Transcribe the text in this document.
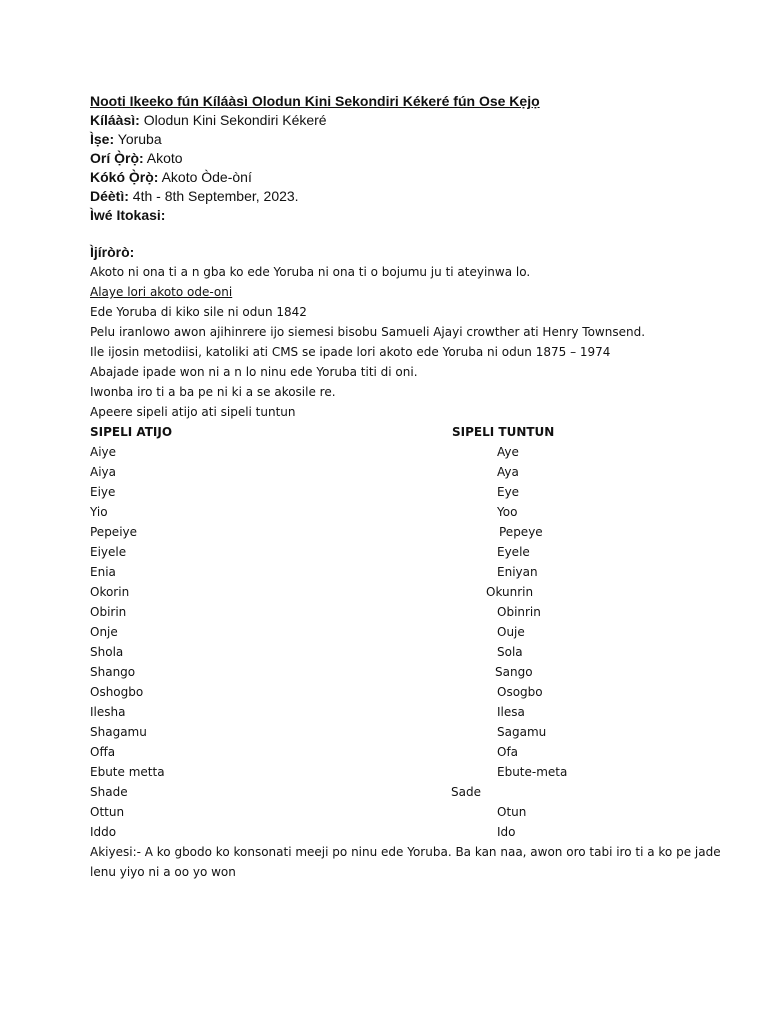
Nooti Ikeeko fún Kíláàsì Olodun Kini Sekondiri Kékeré fún Ose Kẹjọ
Kíláàsì: Olodun Kini Sekondiri Kékeré
Ìṣe: Yoruba
Orí Ọ̀rọ̀: Akoto
Kókó Ọ̀rọ̀: Akoto Òde-òní
Déètì: 4th - 8th September, 2023.
Ìwé Itokasi:
Ìjíròrò:
Akoto ni ona ti a n gba ko ede Yoruba ni ona ti o bojumu ju ti ateyinwa lo.
Alaye lori akoto ode-oni
Ede Yoruba di kiko sile ni odun 1842
Pelu iranlowo awon ajihinrere ijo siemesi bisobu Samueli Ajayi crowther ati Henry Townsend.
Ile ijosin metodiisi, katoliki ati CMS se ipade lori akoto ede Yoruba ni odun 1875 – 1974
Abajade ipade won ni a n lo ninu ede Yoruba titi di oni.
Iwonba iro ti a ba pe ni ki a se akosile re.
Apeere sipeli atijo ati sipeli tuntun
SIPELI ATIJO	SIPELI TUNTUN
Aiye	Aye
Aiya	Aya
Eiye	Eye
Yio	Yoo
Pepeiye	Pepeye
Eiyele	Eyele
Enia	Eniyan
Okorin	Okunrin
Obirin	Obinrin
Onje	Ouje
Shola	Sola
Shango	Sango
Oshogbo	Osogbo
Ilesha	Ilesa
Shagamu	Sagamu
Offa	Ofa
Ebute metta	Ebute-meta
Shade	Sade
Ottun	Otun
Iddo	Ido
Akiyesi:- A ko gbodo ko konsonati meeji po ninu ede Yoruba. Ba kan naa, awon oro tabi iro ti a ko pe jade lenu yiyo ni a oo yo won
